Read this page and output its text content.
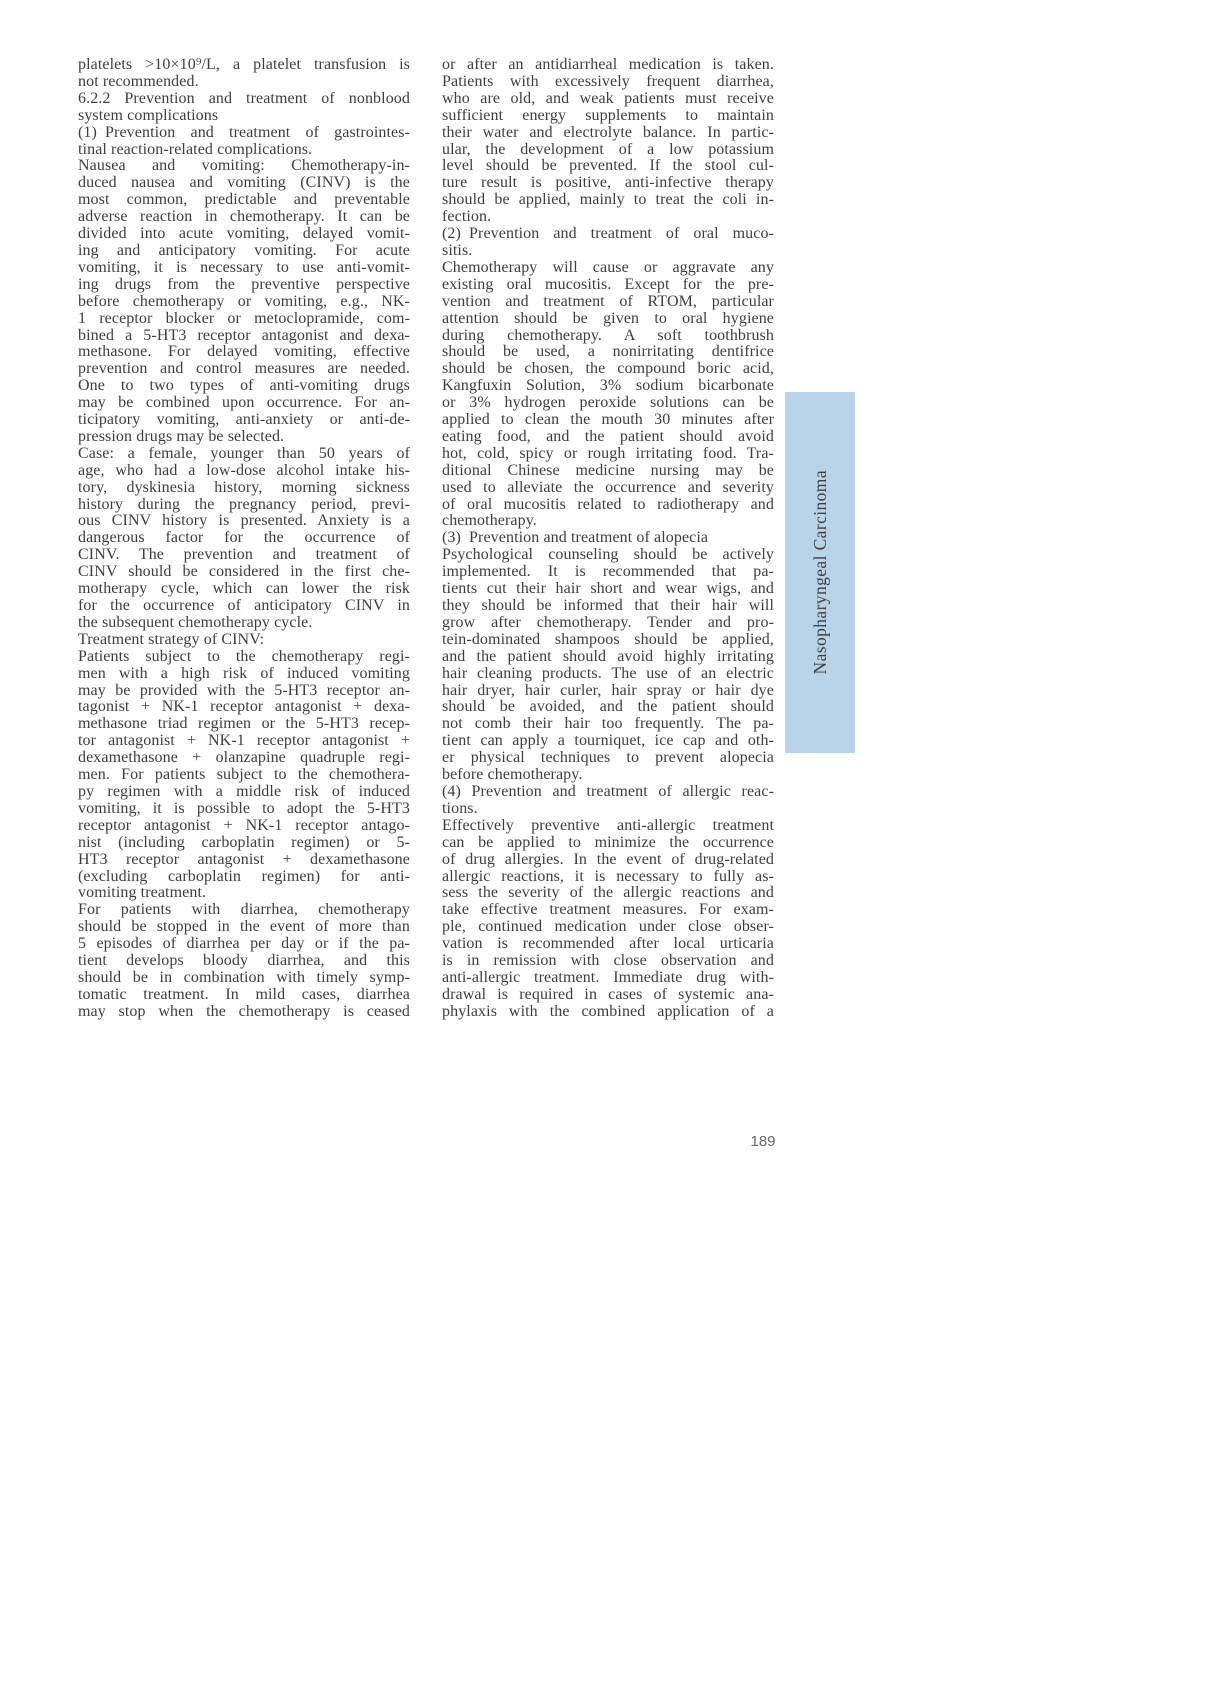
platelets >10×10⁹/L, a platelet transfusion is
not recommended.
6.2.2 Prevention and treatment of nonblood
system complications
(1) Prevention and treatment of gastrointes-
tinal reaction-related complications.
Nausea and vomiting: Chemotherapy-in-
duced nausea and vomiting (CINV) is the
most common, predictable and preventable
adverse reaction in chemotherapy. It can be
divided into acute vomiting, delayed vomit-
ing and anticipatory vomiting. For acute
vomiting, it is necessary to use anti-vomit-
ing drugs from the preventive perspective
before chemotherapy or vomiting, e.g., NK-
1 receptor blocker or metoclopramide, com-
bined a 5-HT3 receptor antagonist and dexa-
methasone. For delayed vomiting, effective
prevention and control measures are needed.
One to two types of anti-vomiting drugs
may be combined upon occurrence. For an-
ticipatory vomiting, anti-anxiety or anti-de-
pression drugs may be selected.
Case: a female, younger than 50 years of
age, who had a low-dose alcohol intake his-
tory, dyskinesia history, morning sickness
history during the pregnancy period, previ-
ous CINV history is presented. Anxiety is a
dangerous factor for the occurrence of
CINV. The prevention and treatment of
CINV should be considered in the first che-
motherapy cycle, which can lower the risk
for the occurrence of anticipatory CINV in
the subsequent chemotherapy cycle.
Treatment strategy of CINV:
Patients subject to the chemotherapy regi-
men with a high risk of induced vomiting
may be provided with the 5-HT3 receptor an-
tagonist + NK-1 receptor antagonist + dexa-
methasone triad regimen or the 5-HT3 recep-
tor antagonist + NK-1 receptor antagonist +
dexamethasone + olanzapine quadruple regi-
men. For patients subject to the chemothera-
py regimen with a middle risk of induced
vomiting, it is possible to adopt the 5-HT3
receptor antagonist + NK-1 receptor antago-
nist (including carboplatin regimen) or 5-
HT3 receptor antagonist + dexamethasone
(excluding carboplatin regimen) for anti-
vomiting treatment.
For patients with diarrhea, chemotherapy
should be stopped in the event of more than
5 episodes of diarrhea per day or if the pa-
tient develops bloody diarrhea, and this
should be in combination with timely symp-
tomatic treatment. In mild cases, diarrhea
may stop when the chemotherapy is ceased
or after an antidiarrheal medication is taken.
Patients with excessively frequent diarrhea,
who are old, and weak patients must receive
sufficient energy supplements to maintain
their water and electrolyte balance. In partic-
ular, the development of a low potassium
level should be prevented. If the stool cul-
ture result is positive, anti-infective therapy
should be applied, mainly to treat the coli in-
fection.
(2) Prevention and treatment of oral muco-
sitis.
Chemotherapy will cause or aggravate any
existing oral mucositis. Except for the pre-
vention and treatment of RTOM, particular
attention should be given to oral hygiene
during chemotherapy. A soft toothbrush
should be used, a nonirritating dentifrice
should be chosen, the compound boric acid,
Kangfuxin Solution, 3% sodium bicarbonate
or 3% hydrogen peroxide solutions can be
applied to clean the mouth 30 minutes after
eating food, and the patient should avoid
hot, cold, spicy or rough irritating food. Tra-
ditional Chinese medicine nursing may be
used to alleviate the occurrence and severity
of oral mucositis related to radiotherapy and
chemotherapy.
(3) Prevention and treatment of alopecia
Psychological counseling should be actively
implemented. It is recommended that pa-
tients cut their hair short and wear wigs, and
they should be informed that their hair will
grow after chemotherapy. Tender and pro-
tein-dominated shampoos should be applied,
and the patient should avoid highly irritating
hair cleaning products. The use of an electric
hair dryer, hair curler, hair spray or hair dye
should be avoided, and the patient should
not comb their hair too frequently. The pa-
tient can apply a tourniquet, ice cap and oth-
er physical techniques to prevent alopecia
before chemotherapy.
(4) Prevention and treatment of allergic reac-
tions.
Effectively preventive anti-allergic treatment
can be applied to minimize the occurrence
of drug allergies. In the event of drug-related
allergic reactions, it is necessary to fully as-
sess the severity of the allergic reactions and
take effective treatment measures. For exam-
ple, continued medication under close obser-
vation is recommended after local urticaria
is in remission with close observation and
anti-allergic treatment. Immediate drug with-
drawal is required in cases of systemic ana-
phylaxis with the combined application of a
Nasopharyngeal Carcinoma
189
